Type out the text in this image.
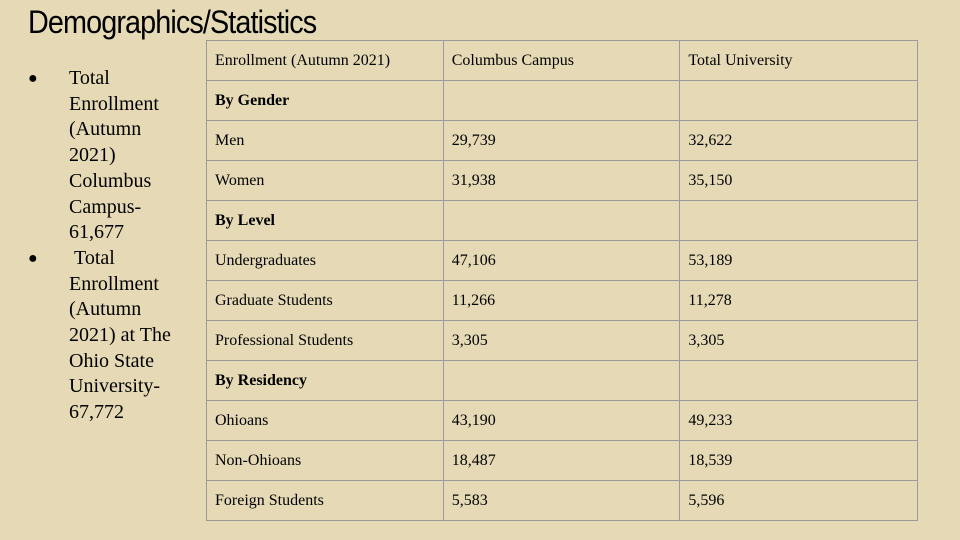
Demographics/Statistics
● Total Enrollment (Autumn 2021) Columbus Campus- 61,677
● Total Enrollment (Autumn 2021) at The Ohio State University- 67,772
Enrollment (Autumn 2021)	Columbus Campus	Total University
By Gender		
Men	29,739	32,622
Women	31,938	35,150
By Level		
Undergraduates	47,106	53,189
Graduate Students	11,266	11,278
Professional Students	3,305	3,305
By Residency		
Ohioans	43,190	49,233
Non-Ohioans	18,487	18,539
Foreign Students	5,583	5,596
